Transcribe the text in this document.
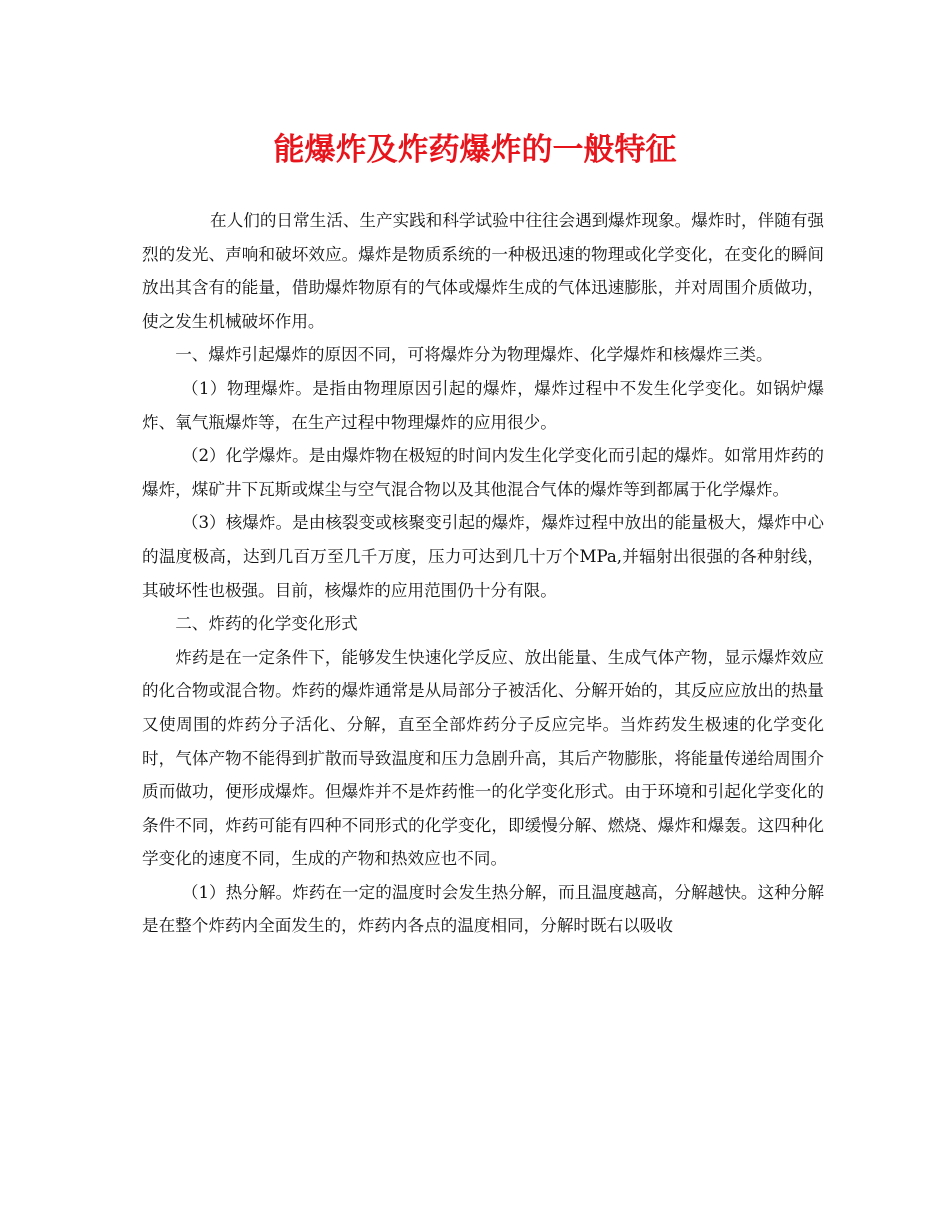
能爆炸及炸药爆炸的一般特征

在人们的日常生活、生产实践和科学试验中往往会遇到爆炸现象。爆炸时，伴随有强烈的发光、声响和破坏效应。爆炸是物质系统的一种极迅速的物理或化学变化，在变化的瞬间放出其含有的能量，借助爆炸物原有的气体或爆炸生成的气体迅速膨胀，并对周围介质做功，使之发生机械破坏作用。

一、爆炸引起爆炸的原因不同，可将爆炸分为物理爆炸、化学爆炸和核爆炸三类。

（1）物理爆炸。是指由物理原因引起的爆炸，爆炸过程中不发生化学变化。如锅炉爆炸、氧气瓶爆炸等，在生产过程中物理爆炸的应用很少。

（2）化学爆炸。是由爆炸物在极短的时间内发生化学变化而引起的爆炸。如常用炸药的爆炸，煤矿井下瓦斯或煤尘与空气混合物以及其他混合气体的爆炸等到都属于化学爆炸。

（3）核爆炸。是由核裂变或核聚变引起的爆炸，爆炸过程中放出的能量极大，爆炸中心的温度极高，达到几百万至几千万度，压力可达到几十万个MPa,并辐射出很强的各种射线，其破坏性也极强。目前，核爆炸的应用范围仍十分有限。

二、炸药的化学变化形式

炸药是在一定条件下，能够发生快速化学反应、放出能量、生成气体产物，显示爆炸效应的化合物或混合物。炸药的爆炸通常是从局部分子被活化、分解开始的，其反应应放出的热量又使周围的炸药分子活化、分解，直至全部炸药分子反应完毕。当炸药发生极速的化学变化时，气体产物不能得到扩散而导致温度和压力急剧升高，其后产物膨胀，将能量传递给周围介质而做功，便形成爆炸。但爆炸并不是炸药惟一的化学变化形式。由于环境和引起化学变化的条件不同，炸药可能有四种不同形式的化学变化，即缓慢分解、燃烧、爆炸和爆轰。这四种化学变化的速度不同，生成的产物和热效应也不同。

（1）热分解。炸药在一定的温度时会发生热分解，而且温度越高，分解越快。这种分解是在整个炸药内全面发生的，炸药内各点的温度相同，分解时既右以吸收
